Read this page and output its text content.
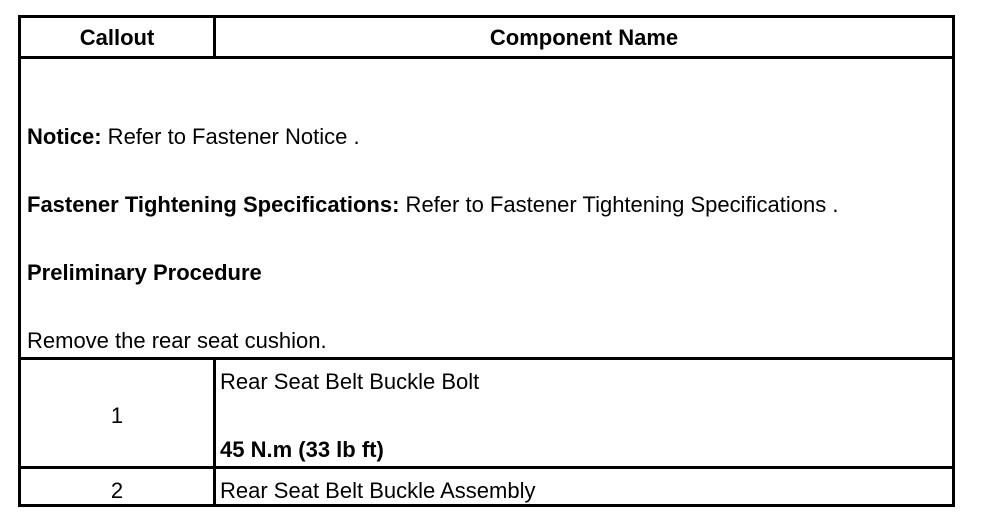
Callout	Component Name

Notice: Refer to Fastener Notice .

Fastener Tightening Specifications: Refer to Fastener Tightening Specifications .

Preliminary Procedure

Remove the rear seat cushion.

1
Rear Seat Belt Buckle Bolt
45 N.m (33 lb ft)
2	Rear Seat Belt Buckle Assembly
